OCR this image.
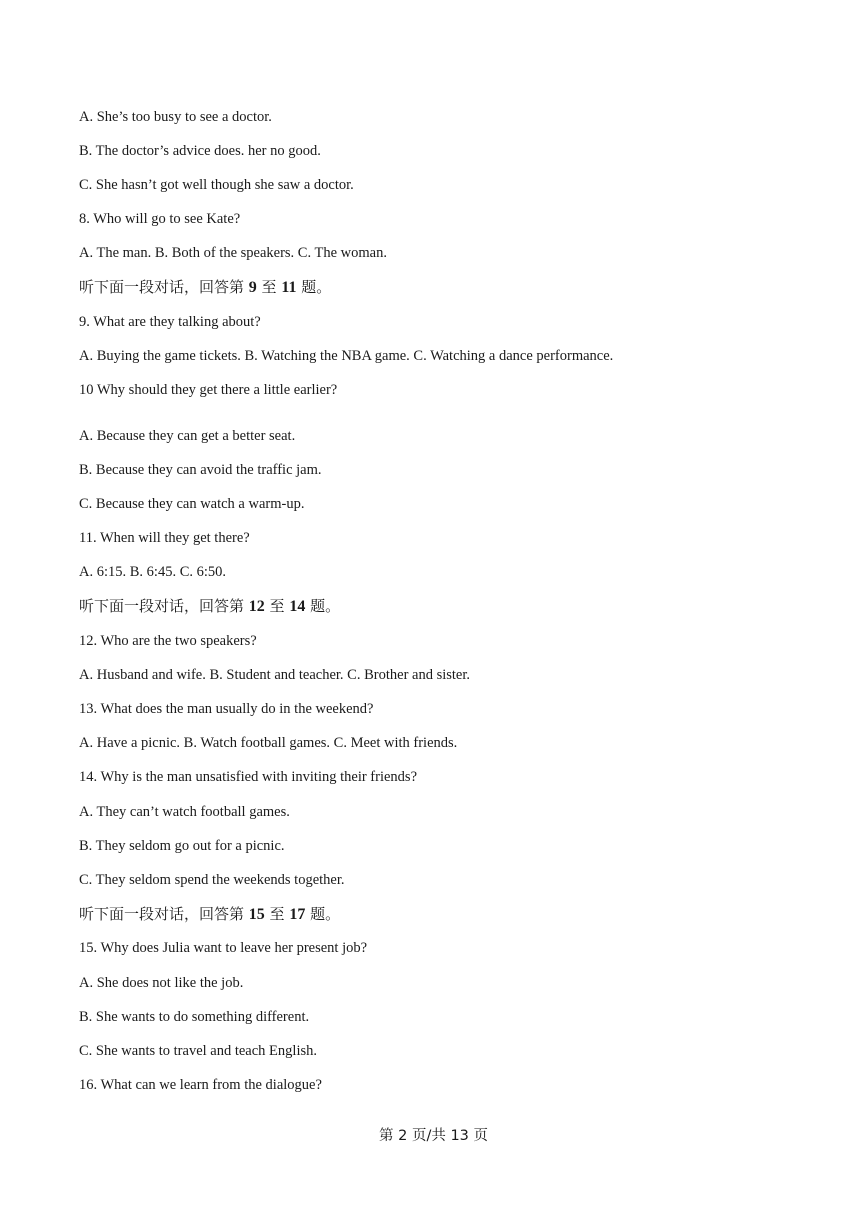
A. She’s too busy to see a doctor.
B. The doctor’s advice does. her no good.
C. She hasn’t got well though she saw a doctor.
8. Who will go to see Kate?
A. The man. B. Both of the speakers. C. The woman.
听下面一段对话，回答第 9 至 11 题。
9. What are they talking about?
A. Buying the game tickets. B. Watching the NBA game. C. Watching a dance performance.
10 Why should they get there a little earlier?
A. Because they can get a better seat.
B. Because they can avoid the traffic jam.
C. Because they can watch a warm-up.
11. When will they get there?
A. 6:15. B. 6:45. C. 6:50.
听下面一段对话，回答第 12 至 14 题。
12. Who are the two speakers?
A. Husband and wife. B. Student and teacher. C. Brother and sister.
13. What does the man usually do in the weekend?
A. Have a picnic. B. Watch football games. C. Meet with friends.
14. Why is the man unsatisfied with inviting their friends?
A. They can’t watch football games.
B. They seldom go out for a picnic.
C. They seldom spend the weekends together.
听下面一段对话，回答第 15 至 17 题。
15. Why does Julia want to leave her present job?
A. She does not like the job.
B. She wants to do something different.
C. She wants to travel and teach English.
16. What can we learn from the dialogue?
第 2 页/共 13 页
